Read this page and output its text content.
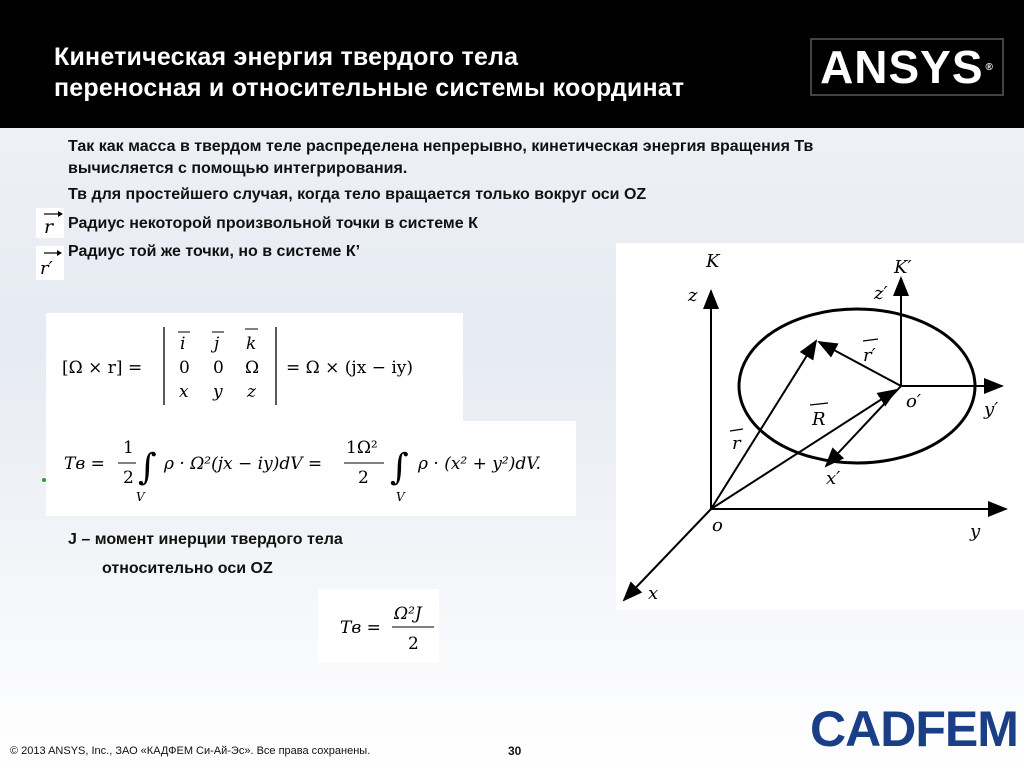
Кинетическая энергия твердого тела
переносная и относительные системы координат	ANSYS ®
Так как масса в твердом теле распределена непрерывно, кинетическая энергия вращения Тв
вычисляется с помощью интегрирования.
Тв для простейшего случая, когда тело вращается только вокруг оси OZ
Радиус некоторой произвольной точки в системе К
Радиус той же точки, но в системе К’
r
r′
[Ω × r] =
i j k
0 0 Ω
x y z
= Ω × (jx − iy)
Tв =
1
2 ∫
V
ρ · Ω²(jx − iy)dV =
1Ω²
2 ∫
V
ρ · (x² + y²)dV.
J – момент инерции твердого тела
относительно оси OZ
Tв =
Ω²J
2
K
z
K′
z′
r′
o′	y′
R
r
x′
o	y
x
© 2013 ANSYS, Inc., ЗАО «КАДФЕМ Си-Ай-Эс». Все права сохранены.	30	CADFEM
